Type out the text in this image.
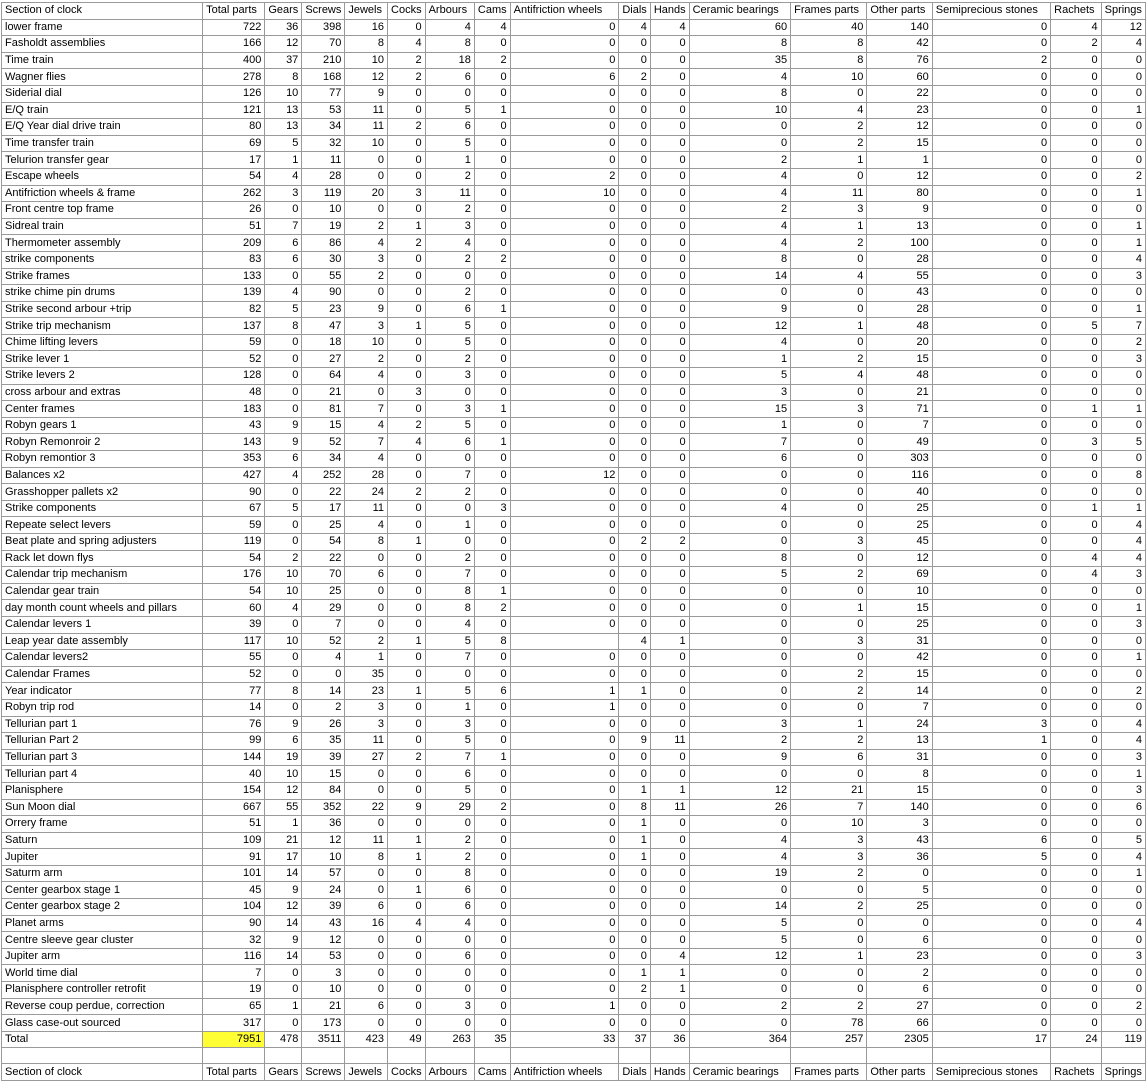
Section of clock	Total parts	Gears	Screws	Jewels	Cocks	Arbours	Cams	Antifriction wheels	Dials	Hands	Ceramic bearings	Frames parts	Other parts	Semiprecious stones	Rachets	Springs
lower frame	722	36	398	16	0	4	4	0	4	4	60	40	140	0	4	12
Fasholdt assemblies	166	12	70	8	4	8	0	0	0	0	8	8	42	0	2	4
Time train	400	37	210	10	2	18	2	0	0	0	35	8	76	2	0	0
Wagner flies	278	8	168	12	2	6	0	6	2	0	4	10	60	0	0	0
Siderial dial	126	10	77	9	0	0	0	0	0	0	8	0	22	0	0	0
E/Q train	121	13	53	11	0	5	1	0	0	0	10	4	23	0	0	1
E/Q Year dial drive train	80	13	34	11	2	6	0	0	0	0	0	2	12	0	0	0
Time transfer train	69	5	32	10	0	5	0	0	0	0	0	2	15	0	0	0
Telurion transfer gear	17	1	11	0	0	1	0	0	0	0	2	1	1	0	0	0
Escape wheels	54	4	28	0	0	2	0	2	0	0	4	0	12	0	0	2
Antifriction wheels & frame	262	3	119	20	3	11	0	10	0	0	4	11	80	0	0	1
Front centre top frame	26	0	10	0	0	2	0	0	0	0	2	3	9	0	0	0
Sidreal train	51	7	19	2	1	3	0	0	0	0	4	1	13	0	0	1
Thermometer assembly	209	6	86	4	2	4	0	0	0	0	4	2	100	0	0	1
strike components	83	6	30	3	0	2	2	0	0	0	8	0	28	0	0	4
Strike frames	133	0	55	2	0	0	0	0	0	0	14	4	55	0	0	3
strike chime pin drums	139	4	90	0	0	2	0	0	0	0	0	0	43	0	0	0
Strike second arbour +trip	82	5	23	9	0	6	1	0	0	0	9	0	28	0	0	1
Strike trip mechanism	137	8	47	3	1	5	0	0	0	0	12	1	48	0	5	7
Chime lifting levers	59	0	18	10	0	5	0	0	0	0	4	0	20	0	0	2
Strike lever 1	52	0	27	2	0	2	0	0	0	0	1	2	15	0	0	3
Strike levers 2	128	0	64	4	0	3	0	0	0	0	5	4	48	0	0	0
cross arbour and extras	48	0	21	0	3	0	0	0	0	0	3	0	21	0	0	0
Center frames	183	0	81	7	0	3	1	0	0	0	15	3	71	0	1	1
Robyn gears 1	43	9	15	4	2	5	0	0	0	0	1	0	7	0	0	0
Robyn Remonroir 2	143	9	52	7	4	6	1	0	0	0	7	0	49	0	3	5
Robyn remontior 3	353	6	34	4	0	0	0	0	0	0	6	0	303	0	0	0
Balances x2	427	4	252	28	0	7	0	12	0	0	0	0	116	0	0	8
Grasshopper pallets x2	90	0	22	24	2	2	0	0	0	0	0	0	40	0	0	0
Strike components	67	5	17	11	0	0	3	0	0	0	4	0	25	0	1	1
Repeate select levers	59	0	25	4	0	1	0	0	0	0	0	0	25	0	0	4
Beat plate and spring adjusters	119	0	54	8	1	0	0	0	2	2	0	3	45	0	0	4
Rack let down flys	54	2	22	0	0	2	0	0	0	0	8	0	12	0	4	4
Calendar trip mechanism	176	10	70	6	0	7	0	0	0	0	5	2	69	0	4	3
Calendar gear train	54	10	25	0	0	8	1	0	0	0	0	0	10	0	0	0
day month count wheels and pillars	60	4	29	0	0	8	2	0	0	0	0	1	15	0	0	1
Calendar levers 1	39	0	7	0	0	4	0	0	0	0	0	0	25	0	0	3
Leap year date assembly	117	10	52	2	1	5	8		4	1	0	3	31	0	0	0
Calendar levers2	55	0	4	1	0	7	0	0	0	0	0	0	42	0	0	1
Calendar Frames	52	0	0	35	0	0	0	0	0	0	0	2	15	0	0	0
Year indicator	77	8	14	23	1	5	6	1	1	0	0	2	14	0	0	2
Robyn trip rod	14	0	2	3	0	1	0	1	0	0	0	0	7	0	0	0
Tellurian part 1	76	9	26	3	0	3	0	0	0	0	3	1	24	3	0	4
Tellurian Part 2	99	6	35	11	0	5	0	0	9	11	2	2	13	1	0	4
Tellurian part 3	144	19	39	27	2	7	1	0	0	0	9	6	31	0	0	3
Tellurian part 4	40	10	15	0	0	6	0	0	0	0	0	0	8	0	0	1
Planisphere	154	12	84	0	0	5	0	0	1	1	12	21	15	0	0	3
Sun Moon dial	667	55	352	22	9	29	2	0	8	11	26	7	140	0	0	6
Orrery frame	51	1	36	0	0	0	0	0	1	0	0	10	3	0	0	0
Saturn	109	21	12	11	1	2	0	0	1	0	4	3	43	6	0	5
Jupiter	91	17	10	8	1	2	0	0	1	0	4	3	36	5	0	4
Saturm arm	101	14	57	0	0	8	0	0	0	0	19	2	0	0	0	1
Center gearbox stage 1	45	9	24	0	1	6	0	0	0	0	0	0	5	0	0	0
Center gearbox stage 2	104	12	39	6	0	6	0	0	0	0	14	2	25	0	0	0
Planet arms	90	14	43	16	4	4	0	0	0	0	5	0	0	0	0	4
Centre sleeve gear cluster	32	9	12	0	0	0	0	0	0	0	5	0	6	0	0	0
Jupiter arm	116	14	53	0	0	6	0	0	0	4	12	1	23	0	0	3
World time dial	7	0	3	0	0	0	0	0	1	1	0	0	2	0	0	0
Planisphere controller retrofit	19	0	10	0	0	0	0	0	2	1	0	0	6	0	0	0
Reverse coup perdue, correction	65	1	21	6	0	3	0	1	0	0	2	2	27	0	0	2
Glass case-out sourced	317	0	173	0	0	0	0	0	0	0	0	78	66	0	0	0
Total	7951	478	3511	423	49	263	35	33	37	36	364	257	2305	17	24	119

Section of clock	Total parts	Gears	Screws	Jewels	Cocks	Arbours	Cams	Antifriction wheels	Dials	Hands	Ceramic bearings	Frames parts	Other parts	Semiprecious stones	Rachets	Springs
